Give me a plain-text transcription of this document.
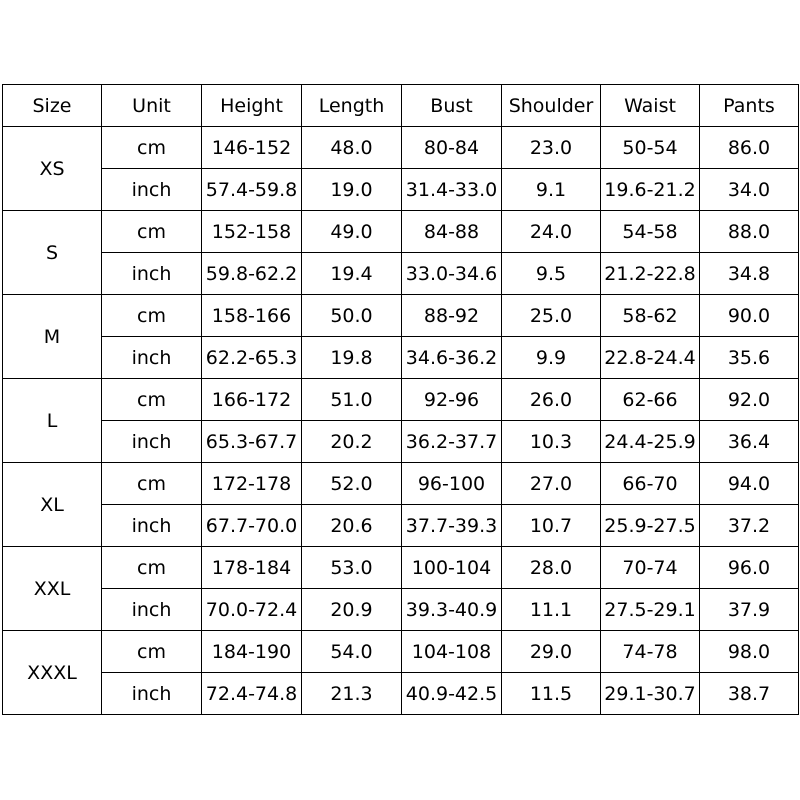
Size	Unit	Height	Length	Bust	Shoulder	Waist	Pants
XS	cm	146-152	48.0	80-84	23.0	50-54	86.0
	inch	57.4-59.8	19.0	31.4-33.0	9.1	19.6-21.2	34.0
S	cm	152-158	49.0	84-88	24.0	54-58	88.0
	inch	59.8-62.2	19.4	33.0-34.6	9.5	21.2-22.8	34.8
M	cm	158-166	50.0	88-92	25.0	58-62	90.0
	inch	62.2-65.3	19.8	34.6-36.2	9.9	22.8-24.4	35.6
L	cm	166-172	51.0	92-96	26.0	62-66	92.0
	inch	65.3-67.7	20.2	36.2-37.7	10.3	24.4-25.9	36.4
XL	cm	172-178	52.0	96-100	27.0	66-70	94.0
	inch	67.7-70.0	20.6	37.7-39.3	10.7	25.9-27.5	37.2
XXL	cm	178-184	53.0	100-104	28.0	70-74	96.0
	inch	70.0-72.4	20.9	39.3-40.9	11.1	27.5-29.1	37.9
XXXL	cm	184-190	54.0	104-108	29.0	74-78	98.0
	inch	72.4-74.8	21.3	40.9-42.5	11.5	29.1-30.7	38.7
